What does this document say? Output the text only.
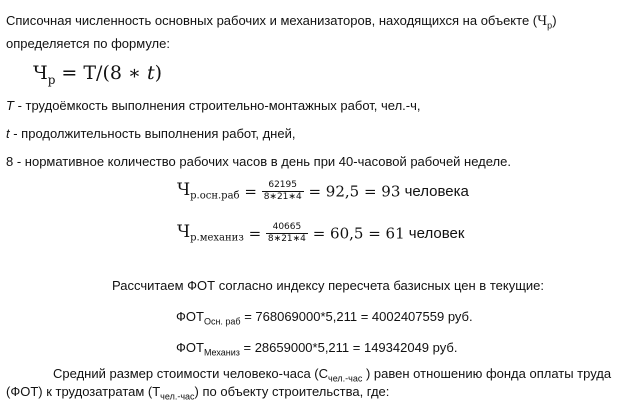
Списочная численность основных рабочих и механизаторов, находящихся на объекте $(Ч_р)$
определяется по формуле:
$Ч_р = T/(8$ ∗ t)
T - трудоёмкость выполнения строительно-монтажных работ, чел.-ч,
t - продолжительность выполнения работ, дней,
8 - нормативное количество рабочих часов в день при 40-часовой рабочей неделе.
$Ч_{р.осн.раб} = \frac{62195}{8∗21∗4} = 92,5 = 93$ человека
$Ч_{р.механиз} = \frac{40665}{8∗21∗4} = 60,5 = 61$ человек
Рассчитаем ФОТ согласно индексу пересчета базисных цен в текущие:
$ФОТ_{Осн. раб} = 768069000*5,211 = 4002407559$ руб.
$ФОТ_{Механиз} = 28659000*5,211 = 149342049$ руб.
Средний размер стоимости человеко-часа ($С_{чел.-час}$ ) равен отношению фонда оплаты труда
(ФОТ) к трудозатратам $(Т_{чел.-час})$ по объекту строительства, где:
